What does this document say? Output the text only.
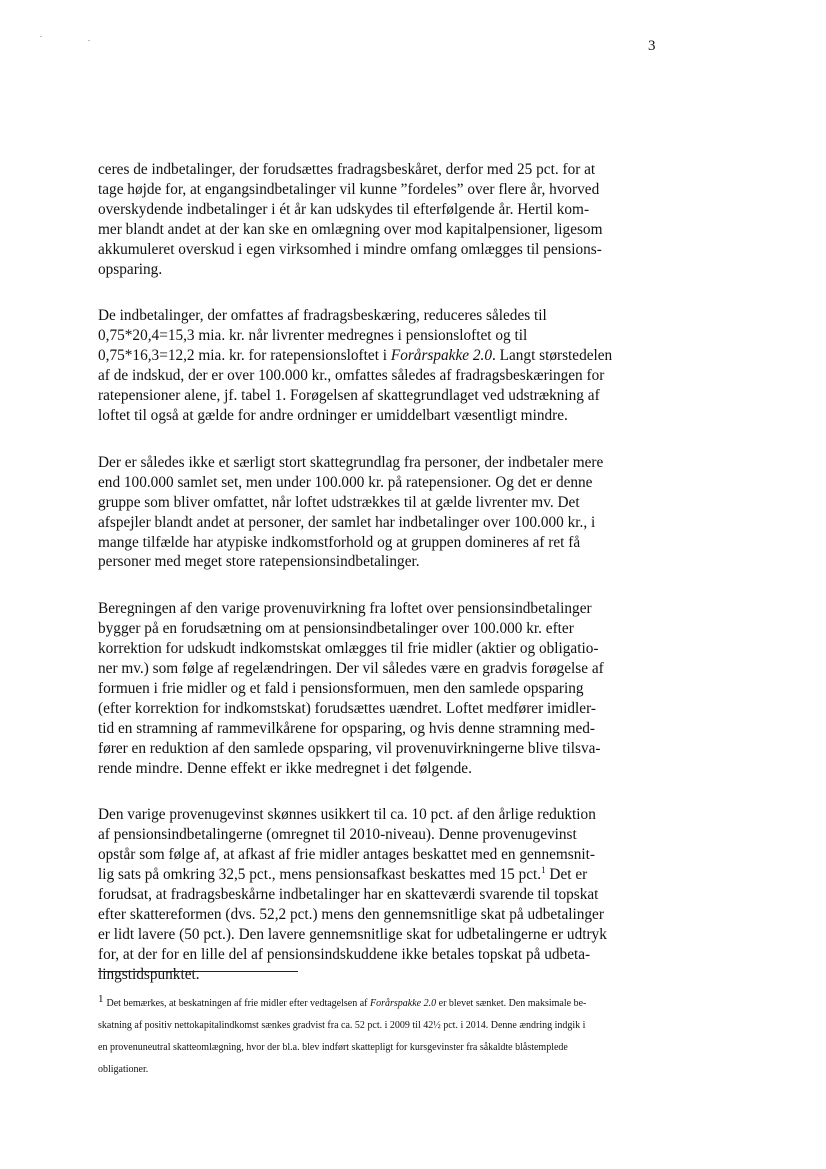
3

ceres de indbetalinger, der forudsættes fradragsbeskåret, derfor med 25 pct. for at
tage højde for, at engangsindbetalinger vil kunne ”fordeles” over flere år, hvorved
overskydende indbetalinger i ét år kan udskydes til efterfølgende år. Hertil kom-
mer blandt andet at der kan ske en omlægning over mod kapitalpensioner, ligesom
akkumuleret overskud i egen virksomhed i mindre omfang omlægges til pensions-
opsparing.

De indbetalinger, der omfattes af fradragsbeskæring, reduceres således til
0,75*20,4=15,3 mia. kr. når livrenter medregnes i pensionsloftet og til
0,75*16,3=12,2 mia. kr. for ratepensionsloftet i Forårspakke 2.0. Langt størstedelen
af de indskud, der er over 100.000 kr., omfattes således af fradragsbeskæringen for
ratepensioner alene, jf. tabel 1. Forøgelsen af skattegrundlaget ved udstrækning af
loftet til også at gælde for andre ordninger er umiddelbart væsentligt mindre.

Der er således ikke et særligt stort skattegrundlag fra personer, der indbetaler mere
end 100.000 samlet set, men under 100.000 kr. på ratepensioner. Og det er denne
gruppe som bliver omfattet, når loftet udstrækkes til at gælde livrenter mv. Det
afspejler blandt andet at personer, der samlet har indbetalinger over 100.000 kr., i
mange tilfælde har atypiske indkomstforhold og at gruppen domineres af ret få
personer med meget store ratepensionsindbetalinger.

Beregningen af den varige provenuvirkning fra loftet over pensionsindbetalinger
bygger på en forudsætning om at pensionsindbetalinger over 100.000 kr. efter
korrektion for udskudt indkomstskat omlægges til frie midler (aktier og obligatio-
ner mv.) som følge af regelændringen. Der vil således være en gradvis forøgelse af
formuen i frie midler og et fald i pensionsformuen, men den samlede opsparing
(efter korrektion for indkomstskat) forudsættes uændret. Loftet medfører imidler-
tid en stramning af rammevilkårene for opsparing, og hvis denne stramning med-
fører en reduktion af den samlede opsparing, vil provenuvirkningerne blive tilsva-
rende mindre. Denne effekt er ikke medregnet i det følgende.

Den varige provenugevinst skønnes usikkert til ca. 10 pct. af den årlige reduktion
af pensionsindbetalingerne (omregnet til 2010-niveau). Denne provenugevinst
opstår som følge af, at afkast af frie midler antages beskattet med en gennemsnit-
lig sats på omkring 32,5 pct., mens pensionsafkast beskattes med 15 pct.$^1$ Det er
forudsat, at fradragsbeskårne indbetalinger har en skatteværdi svarende til topskat
efter skattereformen (dvs. 52,2 pct.) mens den gennemsnitlige skat på udbetalinger
er lidt lavere (50 pct.). Den lavere gennemsnitlige skat for udbetalingerne er udtryk
for, at der for en lille del af pensionsindskuddene ikke betales topskat på udbeta-
lingstidspunktet.

1 Det bemærkes, at beskatningen af frie midler efter vedtagelsen af Forårspakke 2.0 er blevet sænket. Den maksimale be-
skatning af positiv nettokapitalindkomst sænkes gradvist fra ca. 52 pct. i 2009 til 42½ pct. i 2014. Denne ændring indgik i
en provenuneutral skatteomlægning, hvor der bl.a. blev indført skattepligt for kursgevinster fra såkaldte blåstemplede
obligationer.
